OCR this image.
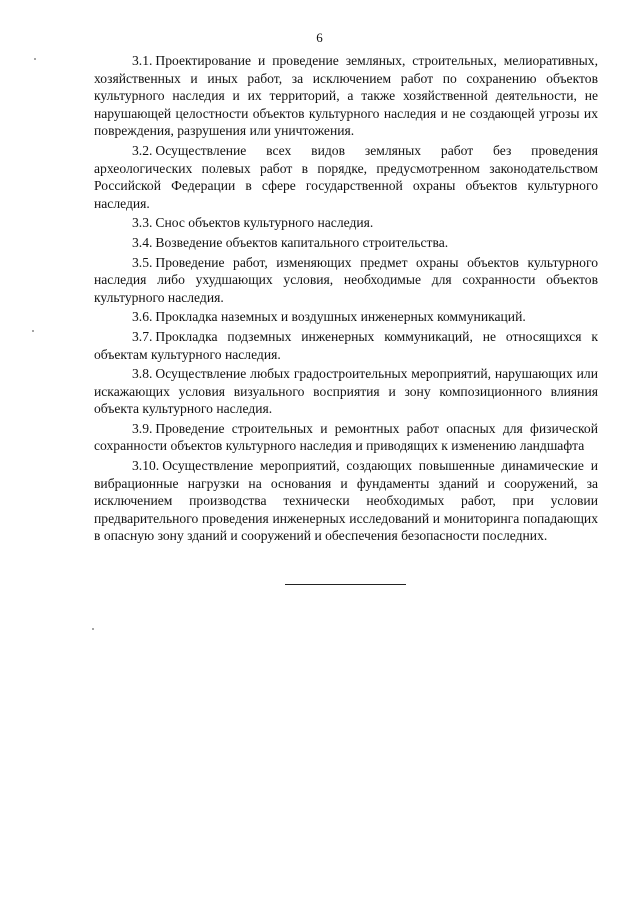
6

3.1. Проектирование и проведение земляных, строительных, мелиоративных, хозяйственных и иных работ, за исключением работ по сохранению объектов культурного наследия и их территорий, а также хозяйственной деятельности, не нарушающей целостности объектов культурного наследия и не создающей угрозы их повреждения, разрушения или уничтожения.

3.2. Осуществление всех видов земляных работ без проведения археологических полевых работ в порядке, предусмотренном законодательством Российской Федерации в сфере государственной охраны объектов культурного наследия.

3.3. Снос объектов культурного наследия.

3.4. Возведение объектов капитального строительства.

3.5. Проведение работ, изменяющих предмет охраны объектов культурного наследия либо ухудшающих условия, необходимые для сохранности объектов культурного наследия.

3.6. Прокладка наземных и воздушных инженерных коммуникаций.

3.7. Прокладка подземных инженерных коммуникаций, не относящихся к объектам культурного наследия.

3.8. Осуществление любых градостроительных мероприятий, нарушающих или искажающих условия визуального восприятия и зону композиционного влияния объекта культурного наследия.

3.9. Проведение строительных и ремонтных работ опасных для физической сохранности объектов культурного наследия и приводящих к изменению ландшафта

3.10. Осуществление мероприятий, создающих повышенные динамические и вибрационные нагрузки на основания и фундаменты зданий и сооружений, за исключением производства технически необходимых работ, при условии предварительного проведения инженерных исследований и мониторинга попадающих в опасную зону зданий и сооружений и обеспечения безопасности последних.
